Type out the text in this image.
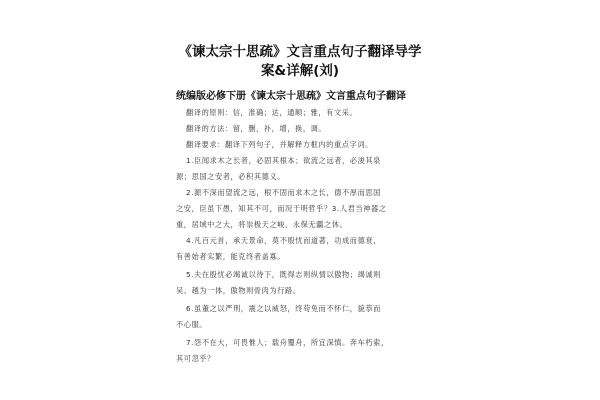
《谏太宗十思疏》文言重点句子翻译导学
案&详解(刘)
统编版必修下册《谏太宗十思疏》文言重点句子翻译
翻译的原则：信，准确；达，通顺；雅，有文采。
翻译的方法：留，删，补，增，换，调。
翻译要求：翻译下列句子，并解释方框内的重点字词。
1.臣闻求木之长者，必固其根本；欲流之远者，必浚其泉
源；思国之安者，必积其德义。
2.源不深而望流之远，根不固而求木之长，德不厚而思国
之安，臣虽下愚，知其不可，而况于明哲乎？3.人君当神器之
重，居域中之大，将崇极天之峻，永保无疆之休。
4.凡百元首，承天景命，莫不殷忧而道著，功成而德衰，
有善始者实繁，能克终者盖寡。
5.夫在殷忧必竭诚以待下，既得志则纵情以傲物；竭诚则
吴、越为一体，傲物则骨肉为行路。
6.虽董之以严刑，震之以威怒，终苟免而不怀仁，貌恭而
不心服。
7.怨不在大，可畏惟人；载舟覆舟，所宜深慎。奔车朽索，
其可忽乎？
